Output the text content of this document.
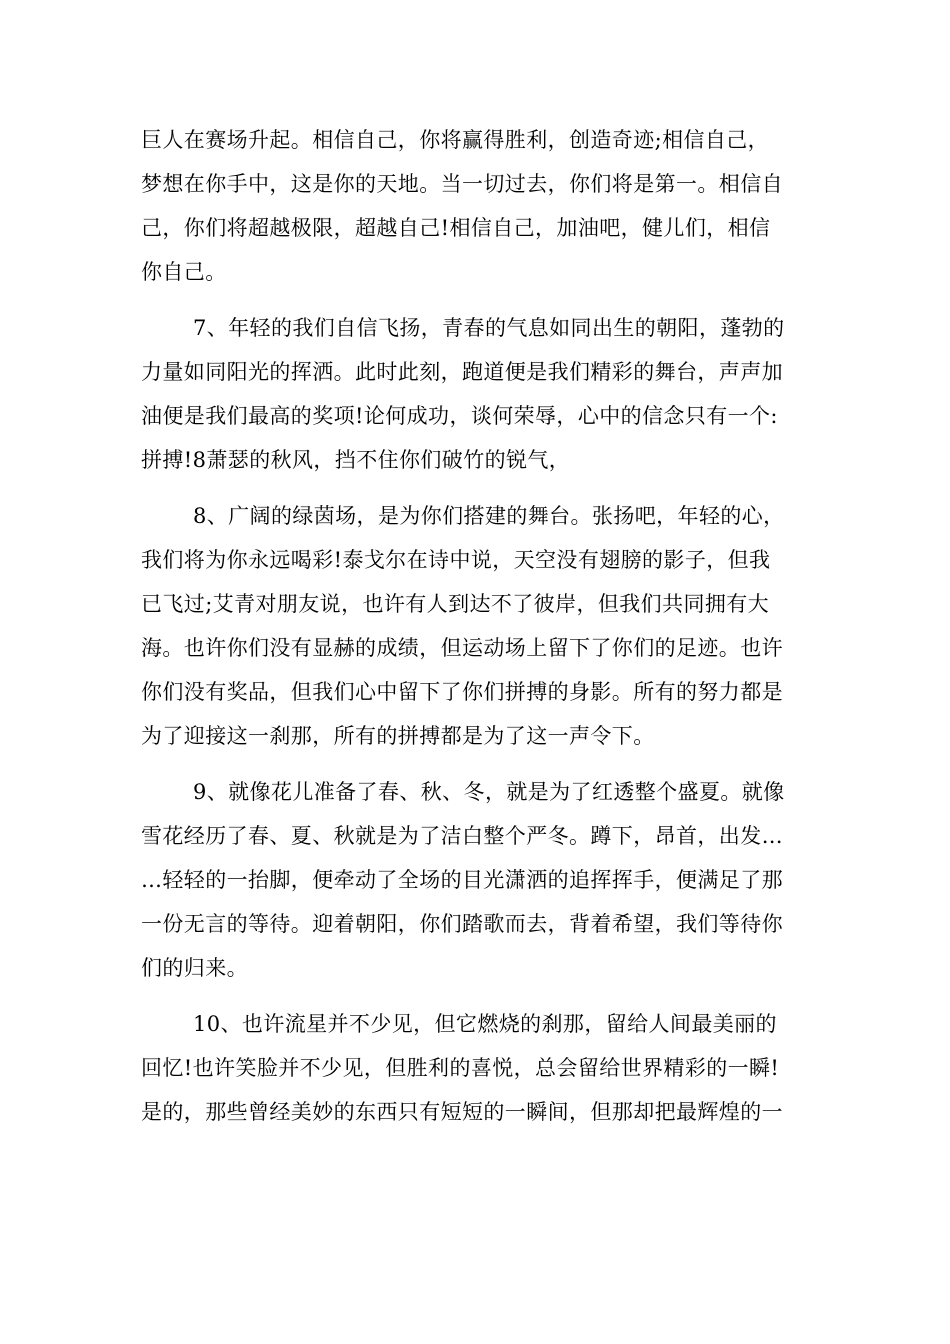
巨人在赛场升起。相信自己，你将赢得胜利，创造奇迹;相信自己，
梦想在你手中，这是你的天地。当一切过去，你们将是第一。相信自
己，你们将超越极限，超越自己!相信自己，加油吧，健儿们，相信
你自己。
7、年轻的我们自信飞扬，青春的气息如同出生的朝阳，蓬勃的
力量如同阳光的挥洒。此时此刻，跑道便是我们精彩的舞台，声声加
油便是我们最高的奖项!论何成功，谈何荣辱，心中的信念只有一个:
拼搏!8萧瑟的秋风，挡不住你们破竹的锐气，
8、广阔的绿茵场，是为你们搭建的舞台。张扬吧，年轻的心，
我们将为你永远喝彩!泰戈尔在诗中说，天空没有翅膀的影子，但我
已飞过;艾青对朋友说，也许有人到达不了彼岸，但我们共同拥有大
海。也许你们没有显赫的成绩，但运动场上留下了你们的足迹。也许
你们没有奖品，但我们心中留下了你们拼搏的身影。所有的努力都是
为了迎接这一刹那，所有的拼搏都是为了这一声令下。
9、就像花儿准备了春、秋、冬，就是为了红透整个盛夏。就像
雪花经历了春、夏、秋就是为了洁白整个严冬。蹲下，昂首，出发…
…轻轻的一抬脚，便牵动了全场的目光潇洒的追挥挥手，便满足了那
一份无言的等待。迎着朝阳，你们踏歌而去，背着希望，我们等待你
们的归来。
10、也许流星并不少见，但它燃烧的刹那，留给人间最美丽的
回忆!也许笑脸并不少见，但胜利的喜悦，总会留给世界精彩的一瞬!
是的，那些曾经美妙的东西只有短短的一瞬间，但那却把最辉煌的一
